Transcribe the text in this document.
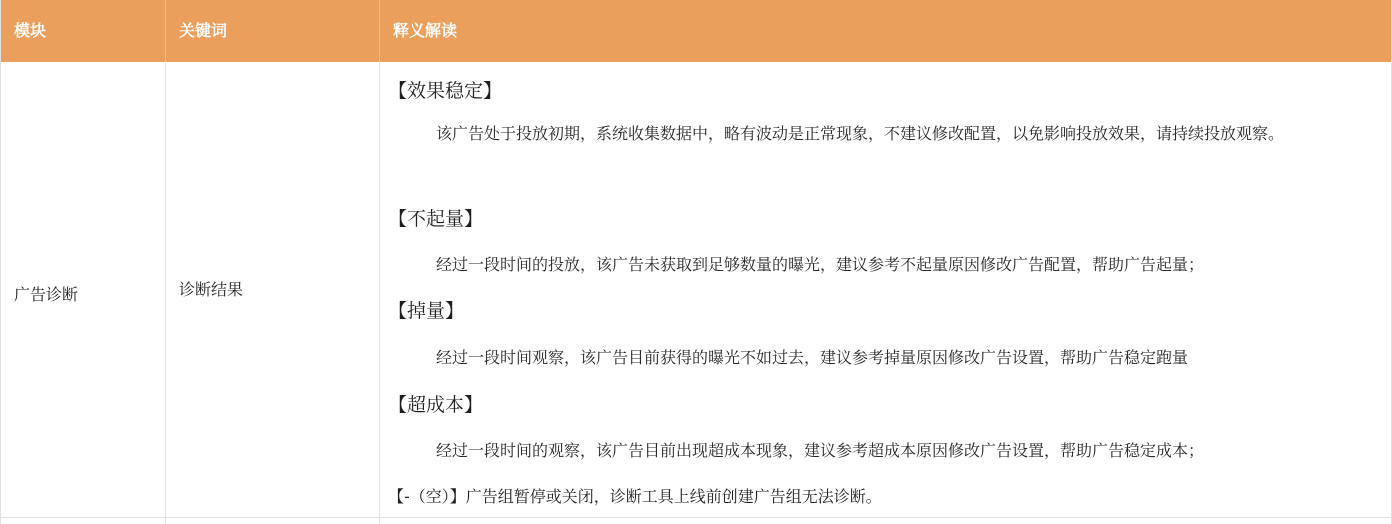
模块	关键词	释义解读
广告诊断	诊断结果
【效果稳定】
该广告处于投放初期，系统收集数据中，略有波动是正常现象，不建议修改配置，以免影响投放效果，请持续投放观察。
【不起量】
经过一段时间的投放，该广告未获取到足够数量的曝光，建议参考不起量原因修改广告配置，帮助广告起量；
【掉量】
经过一段时间观察，该广告目前获得的曝光不如过去，建议参考掉量原因修改广告设置，帮助广告稳定跑量
【超成本】
经过一段时间的观察，该广告目前出现超成本现象，建议参考超成本原因修改广告设置，帮助广告稳定成本；
【-（空）】广告组暂停或关闭，诊断工具上线前创建广告组无法诊断。
